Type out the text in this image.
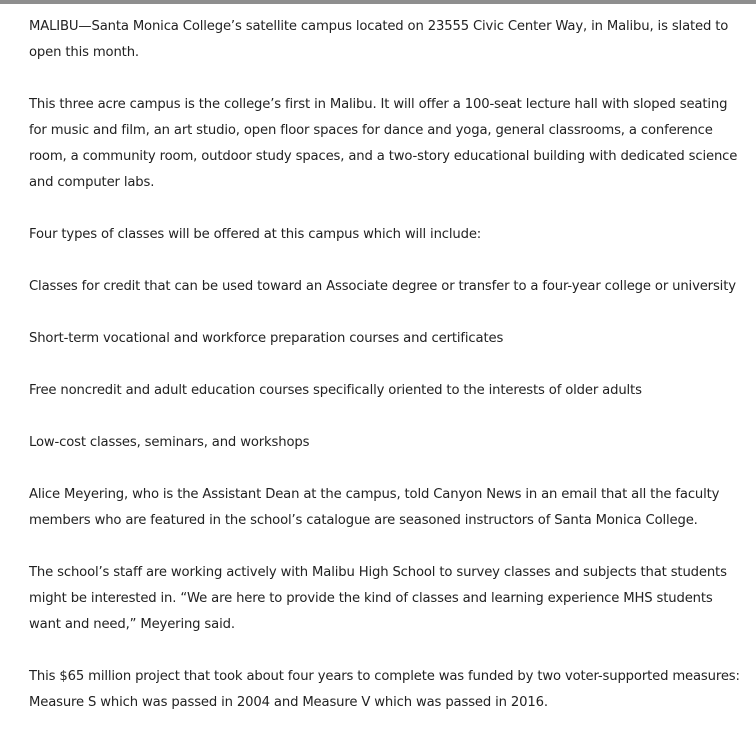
MALIBU—Santa Monica College’s satellite campus located on 23555 Civic Center Way, in Malibu, is slated to open this month.

This three acre campus is the college’s first in Malibu. It will offer a 100-seat lecture hall with sloped seating for music and film, an art studio, open floor spaces for dance and yoga, general classrooms, a conference room, a community room, outdoor study spaces, and a two-story educational building with dedicated science and computer labs.

Four types of classes will be offered at this campus which will include:

Classes for credit that can be used toward an Associate degree or transfer to a four-year college or university

Short-term vocational and workforce preparation courses and certificates

Free noncredit and adult education courses specifically oriented to the interests of older adults

Low-cost classes, seminars, and workshops

Alice Meyering, who is the Assistant Dean at the campus, told Canyon News in an email that all the faculty members who are featured in the school’s catalogue are seasoned instructors of Santa Monica College.

The school’s staff are working actively with Malibu High School to survey classes and subjects that students might be interested in. “We are here to provide the kind of classes and learning experience MHS students want and need,” Meyering said.

This $65 million project that took about four years to complete was funded by two voter-supported measures: Measure S which was passed in 2004 and Measure V which was passed in 2016.
